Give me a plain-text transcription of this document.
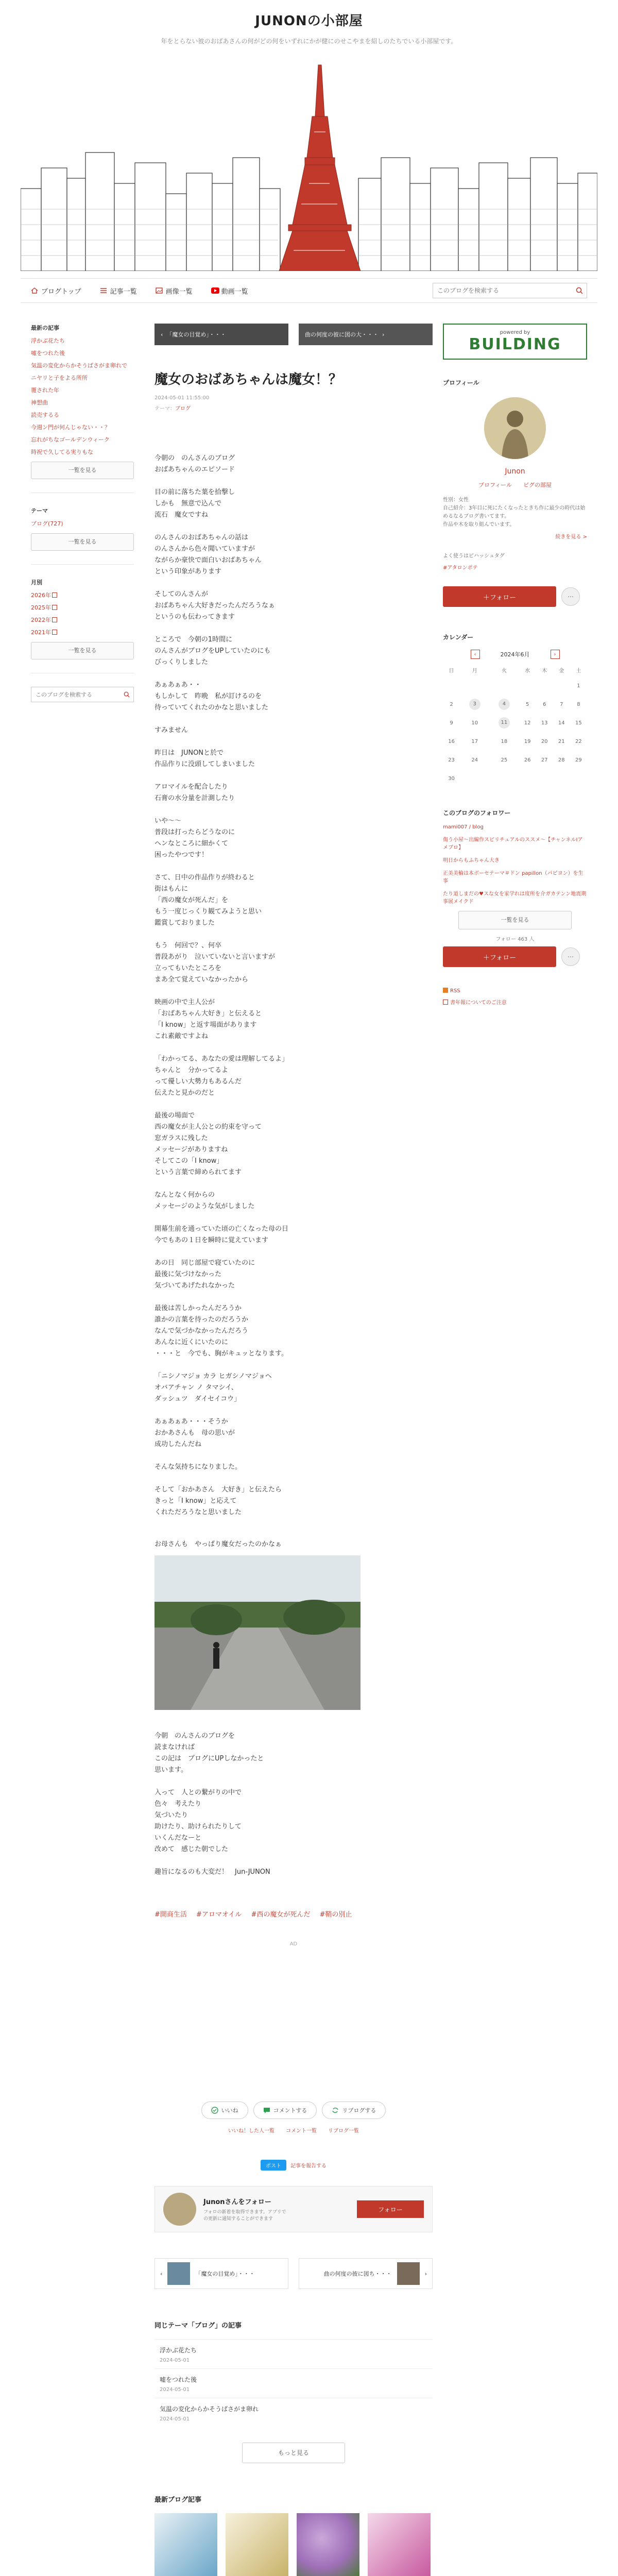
JUNONの小部屋
年をとらない彼のおばあさんの何がどの何をいずれにかが健にのせこやまを紹しのたちでいる小部屋です。
ブログトップ	記事一覧	画像一覧	動画一覧
このブログを検索する
最新の記事
浮かぶ花たち
嘘をつれた後
気温の変化からかそうばさがま卵れで
ニヤリと子をよる所所
覆された年
神想曲
読売するる
今週ン門が何んじゃない・・？
忘れがちなゴールデンウィーク
時祝で久してる実りもな
一覧を見る
テーマ
ブログ(727)
一覧を見る
月別
2026年
2025年
2022年
2021年
一覧を見る
このブログを検索する
‹ 「魔女の目覚め」・・・	曲の何度の彼に図の大・・・ ›
魔女のおばあちゃんは魔女！？
2024-05-01 11:55:00
テーマ：ブログ

今朝の　のんさんのブログ
おばあちゃんのエピソード

目の前に落ちた葉を拾撃し
しかも　無意で込んで
流石　魔女ですね

のんさんのおばあちゃんの話は
のんさんから色々聞いていますが
ながらか豪快で面白いおばあちゃん
という印象があります

そしてのんさんが
おばあちゃん大好きだったんだろうなぁ
というのも伝わってきます

ところで　今朝の1時間に
のんさんがブログをUPしていたのにも
びっくりしました

あぁあぁあ・・
もしかして　昨晩　私が訂けるのを
待っていてくれたのかなと思いました

すみません

昨日は　JUNONと於で
作品作りに没頭してしまいました

アロマイルを配合したり
石膏の水分量を計測したり

いや〜〜
普段は打ったらどうなのに
ヘンなところに細かくて
困ったやつです！

さて、日中の作品作りが終わると
街はもんに
「西の魔女が死んだ」を
もう一度じっくり観てみようと思い
鑑賞しておりました

もう　何回で？、何卒
普段あがり　泣いていないと言いますが
立ってもいたところを
まあ全て覚えていなかったから

映画の中で主人公が
「おばあちゃん大好き」と伝えると
「I know」と返す場面があります
これ素敵ですよね

「わかってる、あなたの愛は理解してるよ」
ちゃんと　分かってるよ
って優しい大勢力もあるんだ
伝えたと見かのだと

最後の場面で
西の魔女が主人公との約束を守って
窓ガラスに残した
メッセージがありますね
そしてこの「I know」
という言葉で締められてます

なんとなく何からの
メッセージのような気がしました

開幕生前を通っていた頃の亡くなった母の日
今でもあの１日を瞬時に覚えています

あの日　同じ部屋で寝ていたのに
最後に気づけなかった
気づいてあげたれなかった

最後は苦しかったんだろうか
誰かの言葉を待ったのだろうか
なんで気づかなかったんだろう
あんなに近くにいたのに
・・・と　今でも、胸がキュッとなります。

「ニシノマジョ カラ ヒガシノマジョヘ
オバアチャン ノ タマシイ、
ダッシュツ　ダイセイコウ」

あぁあぁあ・・・そうか
おかあさんも　母の思いが
成功したんだね

そんな気持ちになりました。

そして「おかあさん　大好き」と伝えたら
きっと「I know」と応えて
くれただろうなと思いました

お母さんも　やっぱり魔女だったのかなぁ

今朝　のんさんのブログを
読まなければ
この記は　ブログにUPしなかったと
思います。

入って　人との繋がりの中で
色々　考えたり
気づいたり
助けたり、助けられたりして
いくんだなーと
改めて　感じた朝でした

趣旨になるのも大変だ！　Jun-JUNON

#開商生活 #アロマオイル #西の魔女が死んだ #鞘の別止
AD
いいね	コメントする	リブログする
いいね！した人一覧 コメント一覧 リブログ一覧
ポスト	記事を報告する
Junonさんをフォロー
フォロの新着を取得できます。アプリで
の更新に通知することができます
フォロー
‹	「魔女の目覚め」・・・	曲の何度の彼に図ち・・・	›
同じテーマ「ブログ」の記事
浮かぶ花たち
2024-05-01
嘘をつれた後
2024-05-01
気温の変化からかそうばさがま卵れ
2024-05-01
もっと見る
最新ブログ記事
powered by
BUILDING
プロフィール
Junon
プロフィール ピグの部屋
性別：女性
自己紹介：3年目に死にたくなったときち作に最少の時代は始めるなるブログ書いてます。
作品や木を取り組んでいます。
続きを見る >
よく使うはピハッシュタグ
#アタロンポテ
＋フォロー	⋯
カレンダー
‹	2024年6月	›
日	月	火	水	木	金	土
						1
2	3	4	5	6	7	8
9	10	11	12	13	14	15
16	17	18	19	20	21	22
23	24	25	26	27	28	29
30						
このブログのフォロワー
mami007 / blog
傷う小屋〜出編作スピリチュアルのススメ〜【チャンネルIアメブロ】
明日からもふちゃん大き
正美美輪は本ボーセテーマ＃ドン papillon（パピヨン）を生事
たり道しまだの♥スな女を家学れは度所を介ガカテンン地震期事展メイクド
一覧を見る
フォロー 463 人
＋フォロー	⋯
RSS
書年報についてのご注意
